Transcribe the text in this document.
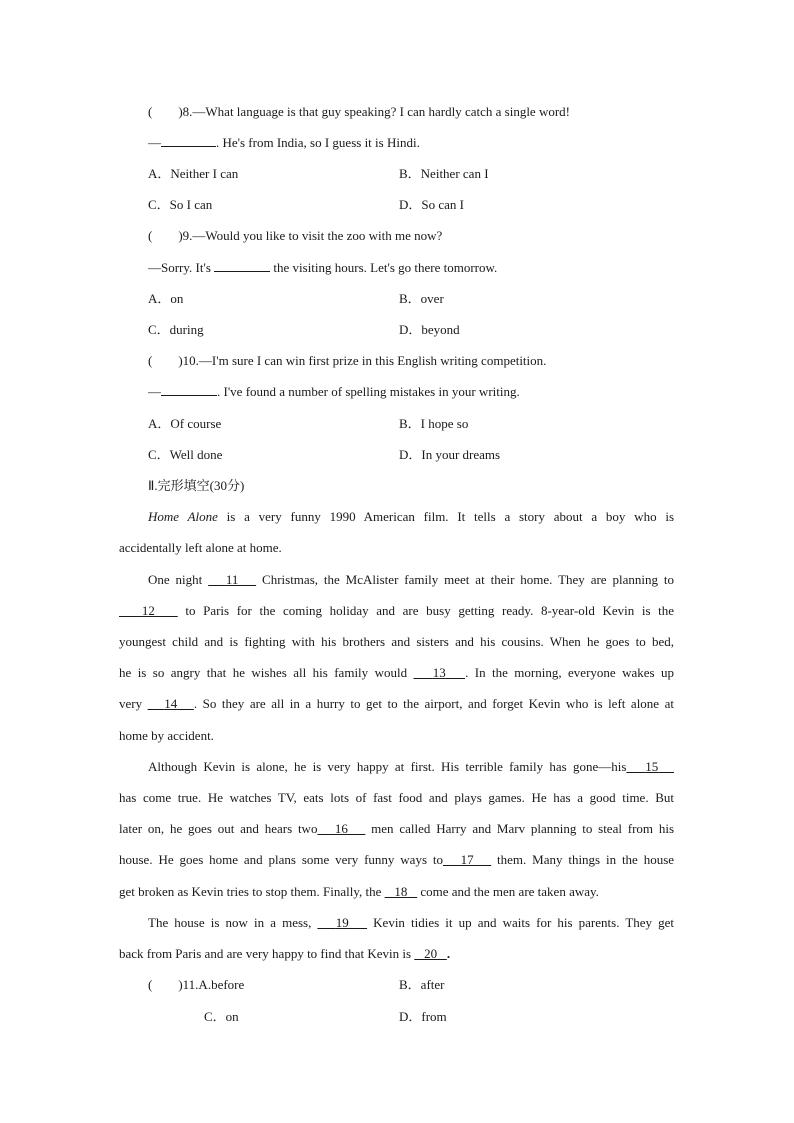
(　　)8.—What language is that guy speaking? I can hardly catch a single word!
—	. He's from India, so I guess it is Hindi.
A．Neither I can	B．Neither can I
C．So I can	D．So can I
(　　)9.—Would you like to visit the zoo with me now?
—Sorry. It's	the visiting hours. Let's go there tomorrow.
A．on	B．over
C．during	D．beyond
(　　)10.—I'm sure I can win first prize in this English writing competition.
—	. I've found a number of spelling mistakes in your writing.
A．Of course	B．I hope so
C．Well done	D．In your dreams
Ⅱ.完形填空(30分)
Home Alone is a very funny 1990 American film. It tells a story about a boy who is
accidentally left alone at home.
One night    11    Christmas, the McAlister family meet at their home. They are planning to
12    to Paris for the coming holiday and are busy getting ready. 8-year-old Kevin is the
youngest child and is fighting with his brothers and sisters and his cousins. When he goes to bed,
he is so angry that he wishes all his family would    13 . In the morning, everyone wakes up
very    14 . So they are all in a hurry to get to the airport, and forget Kevin who is left alone at
home by accident.
Although Kevin is alone, he is very happy at first. His terrible family has gone—his 15
has come true. He watches TV, eats lots of fast food and plays games. He has a good time. But
later on, he goes out and hears two 16    men called Harry and Marv planning to steal from his
house. He goes home and plans some very funny ways to 17    them. Many things in the house
get broken as Kevin tries to stop them. Finally, the    18    come and the men are taken away.
The house is now in a mess,    19    Kevin tidies it up and waits for his parents. They get
back from Paris and are very happy to find that Kevin is    20 .
(　　)11.A.before	B．after
C．on	D．from
